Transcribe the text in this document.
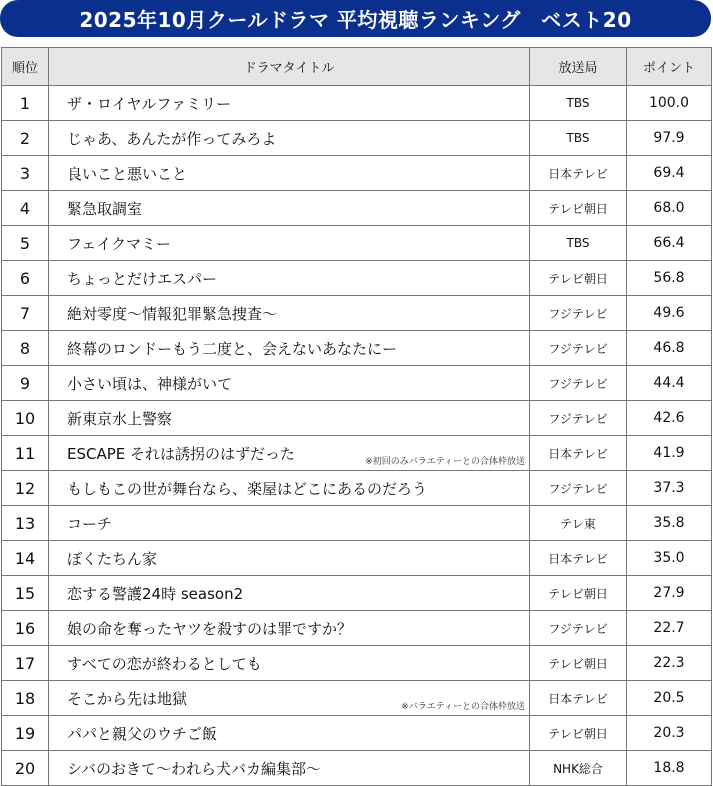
2025年10月クールドラマ 平均視聴ランキング　ベスト20
順位	ドラマタイトル	放送局	ポイント
1	ザ・ロイヤルファミリー	TBS	100.0
2	じゃあ、あんたが作ってみろよ	TBS	97.9
3	良いこと悪いこと	日本テレビ	69.4
4	緊急取調室	テレビ朝日	68.0
5	フェイクマミー	TBS	66.4
6	ちょっとだけエスパー	テレビ朝日	56.8
7	絶対零度～情報犯罪緊急捜査～	フジテレビ	49.6
8	終幕のロンドーもう二度と、会えないあなたにー	フジテレビ	46.8
9	小さい頃は、神様がいて	フジテレビ	44.4
10	新東京水上警察	フジテレビ	42.6
11	ESCAPE それは誘拐のはずだった ※初回のみバラエティーとの合体枠放送	日本テレビ	41.9
12	もしもこの世が舞台なら、楽屋はどこにあるのだろう	フジテレビ	37.3
13	コーチ	テレ東	35.8
14	ぼくたちん家	日本テレビ	35.0
15	恋する警護24時 season2	テレビ朝日	27.9
16	娘の命を奪ったヤツを殺すのは罪ですか？	フジテレビ	22.7
17	すべての恋が終わるとしても	テレビ朝日	22.3
18	そこから先は地獄 ※バラエティーとの合体枠放送	日本テレビ	20.5
19	パパと親父のウチご飯	テレビ朝日	20.3
20	シバのおきて～われら犬バカ編集部～	NHK総合	18.8
